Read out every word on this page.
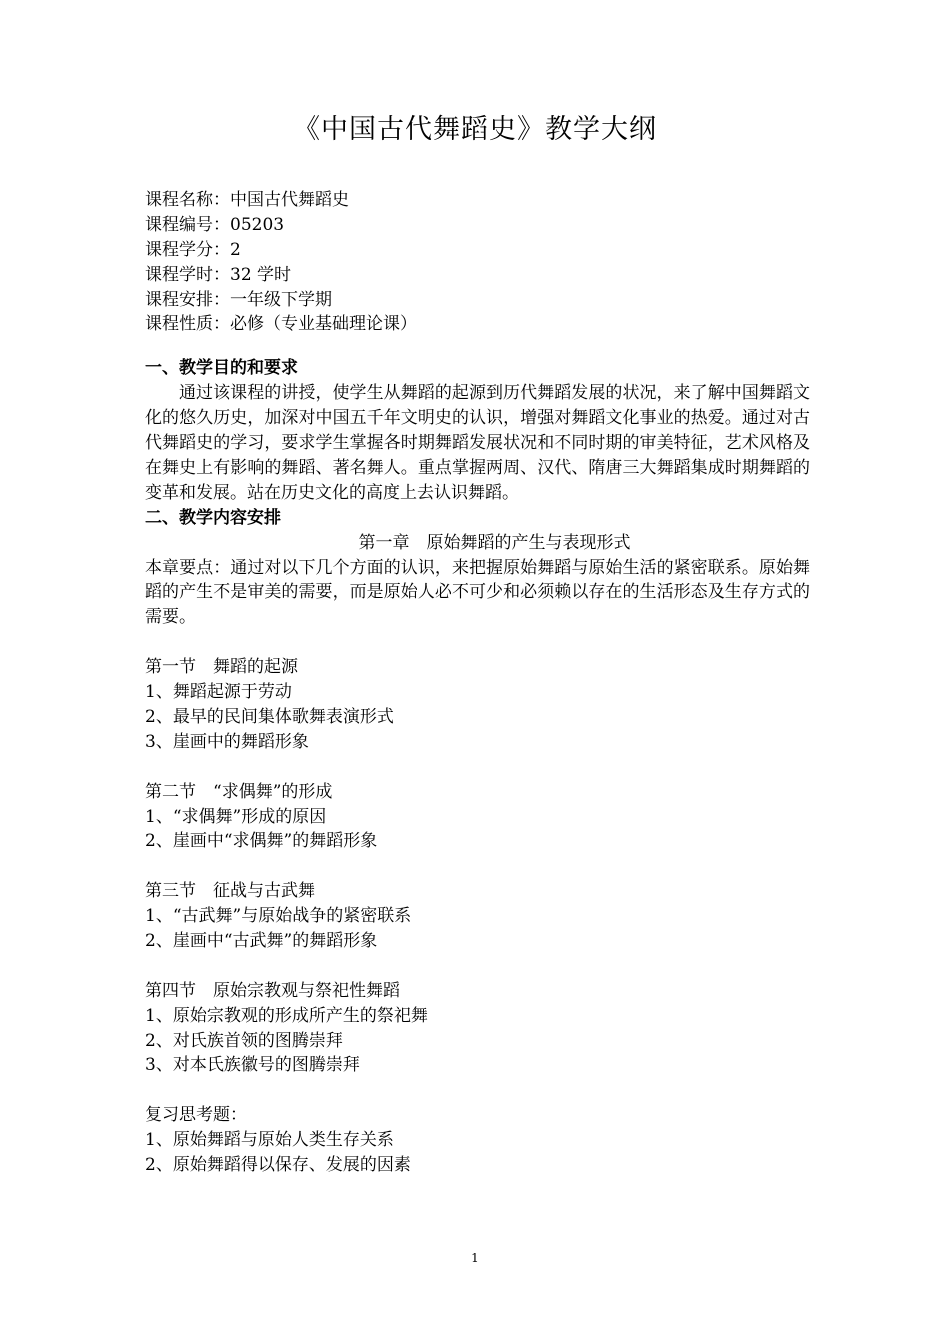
《中国古代舞蹈史》教学大纲
课程名称：中国古代舞蹈史
课程编号：05203
课程学分：2
课程学时：32 学时
课程安排：一年级下学期
课程性质：必修（专业基础理论课）
一、教学目的和要求
通过该课程的讲授，使学生从舞蹈的起源到历代舞蹈发展的状况，来了解中国舞蹈文化的悠久历史，加深对中国五千年文明史的认识，增强对舞蹈文化事业的热爱。通过对古代舞蹈史的学习，要求学生掌握各时期舞蹈发展状况和不同时期的审美特征，艺术风格及在舞史上有影响的舞蹈、著名舞人。重点掌握两周、汉代、隋唐三大舞蹈集成时期舞蹈的变革和发展。站在历史文化的高度上去认识舞蹈。
二、教学内容安排
第一章　原始舞蹈的产生与表现形式
本章要点：通过对以下几个方面的认识，来把握原始舞蹈与原始生活的紧密联系。原始舞蹈的产生不是审美的需要，而是原始人必不可少和必须赖以存在的生活形态及生存方式的需要。
第一节　舞蹈的起源
1、舞蹈起源于劳动
2、最早的民间集体歌舞表演形式
3、崖画中的舞蹈形象
第二节　“求偶舞”的形成
1、“求偶舞”形成的原因
2、崖画中“求偶舞”的舞蹈形象
第三节　征战与古武舞
1、“古武舞”与原始战争的紧密联系
2、崖画中“古武舞”的舞蹈形象
第四节　原始宗教观与祭祀性舞蹈
1、原始宗教观的形成所产生的祭祀舞
2、对氏族首领的图腾崇拜
3、对本氏族徽号的图腾崇拜
复习思考题：
1、原始舞蹈与原始人类生存关系
2、原始舞蹈得以保存、发展的因素
1
